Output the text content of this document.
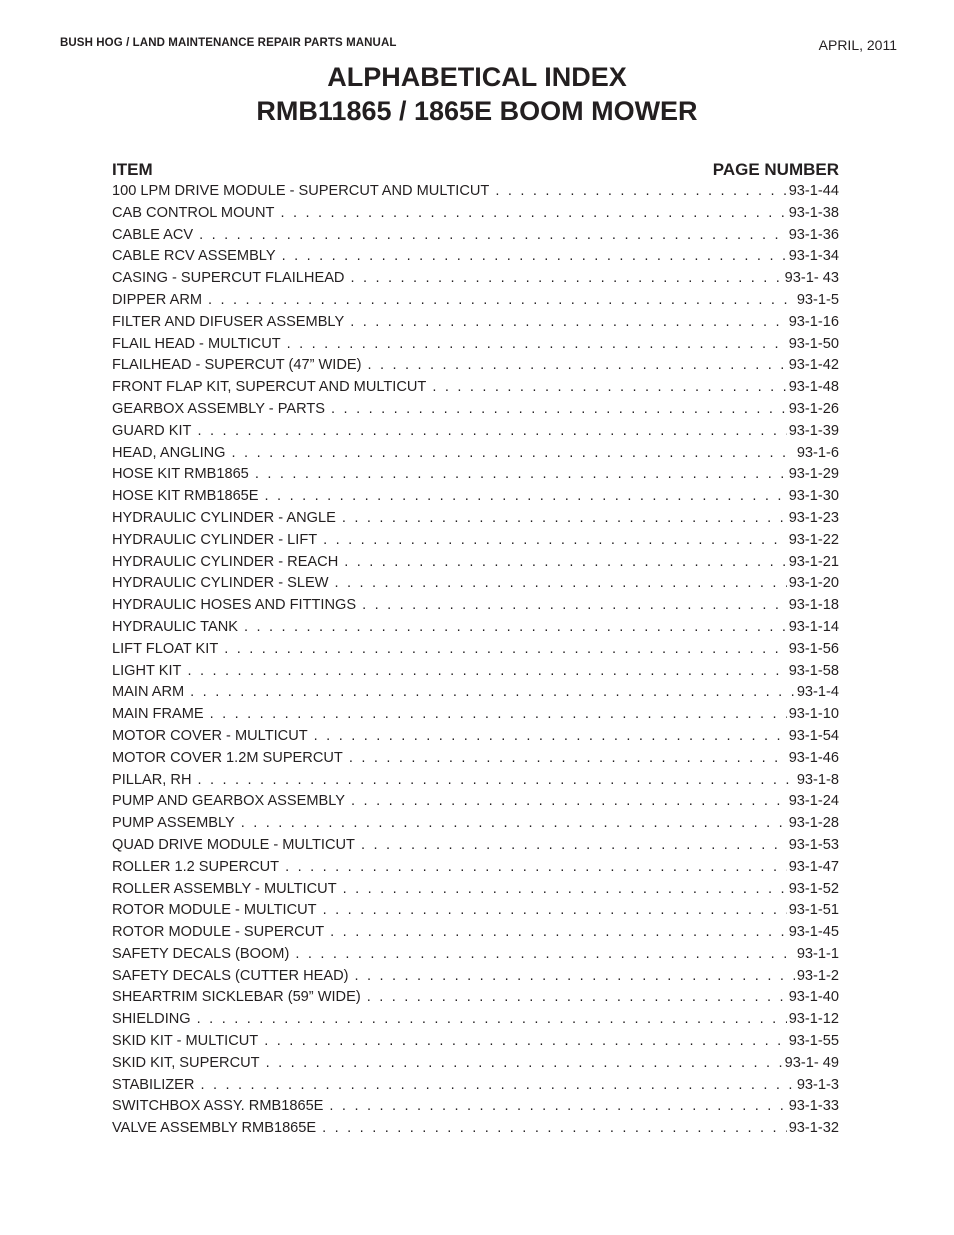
BUSH HOG / LAND MAINTENANCE REPAIR PARTS MANUAL	APRIL, 2011
ALPHABETICAL INDEX
RMB11865 / 1865E BOOM MOWER
ITEM	PAGE NUMBER
100 LPM DRIVE MODULE - SUPERCUT AND MULTICUT . . .	93-1-44
CAB CONTROL MOUNT . . .	93-1-38
CABLE ACV . . .	93-1-36
CABLE RCV ASSEMBLY . . .	93-1-34
CASING - SUPERCUT FLAILHEAD . . .	93-1- 43
DIPPER ARM . . .	93-1-5
FILTER AND DIFUSER ASSEMBLY . . .	93-1-16
FLAIL HEAD - MULTICUT . . .	93-1-50
FLAILHEAD - SUPERCUT (47” WIDE) . . .	93-1-42
FRONT FLAP KIT, SUPERCUT AND MULTICUT . . .	93-1-48
GEARBOX ASSEMBLY - PARTS . . .	93-1-26
GUARD KIT . . .	93-1-39
HEAD, ANGLING . . .	93-1-6
HOSE KIT RMB1865 . . .	93-1-29
HOSE KIT RMB1865E . . .	93-1-30
HYDRAULIC CYLINDER - ANGLE . . .	93-1-23
HYDRAULIC CYLINDER - LIFT . . .	93-1-22
HYDRAULIC CYLINDER - REACH . . .	93-1-21
HYDRAULIC CYLINDER - SLEW . . .	93-1-20
HYDRAULIC HOSES AND FITTINGS . . .	93-1-18
HYDRAULIC TANK . . .	93-1-14
LIFT FLOAT KIT . . .	93-1-56
LIGHT KIT . . .	93-1-58
MAIN ARM . . .	93-1-4
MAIN FRAME . . .	93-1-10
MOTOR COVER - MULTICUT . . .	93-1-54
MOTOR COVER 1.2M SUPERCUT . . .	93-1-46
PILLAR, RH . . .	93-1-8
PUMP AND GEARBOX ASSEMBLY . . .	93-1-24
PUMP ASSEMBLY . . .	93-1-28
QUAD DRIVE MODULE - MULTICUT . . .	93-1-53
ROLLER 1.2 SUPERCUT . . .	93-1-47
ROLLER ASSEMBLY - MULTICUT . . .	93-1-52
ROTOR MODULE - MULTICUT . . .	93-1-51
ROTOR MODULE - SUPERCUT . . .	93-1-45
SAFETY DECALS (BOOM) . . .	93-1-1
SAFETY DECALS (CUTTER HEAD) . . .	93-1-2
SHEARTRIM SICKLEBAR (59” WIDE) . . .	93-1-40
SHIELDING . . .	93-1-12
SKID KIT - MULTICUT . . .	93-1-55
SKID KIT, SUPERCUT . . .	93-1- 49
STABILIZER . . .	93-1-3
SWITCHBOX ASSY. RMB1865E . . .	93-1-33
VALVE ASSEMBLY RMB1865E . . .	93-1-32
